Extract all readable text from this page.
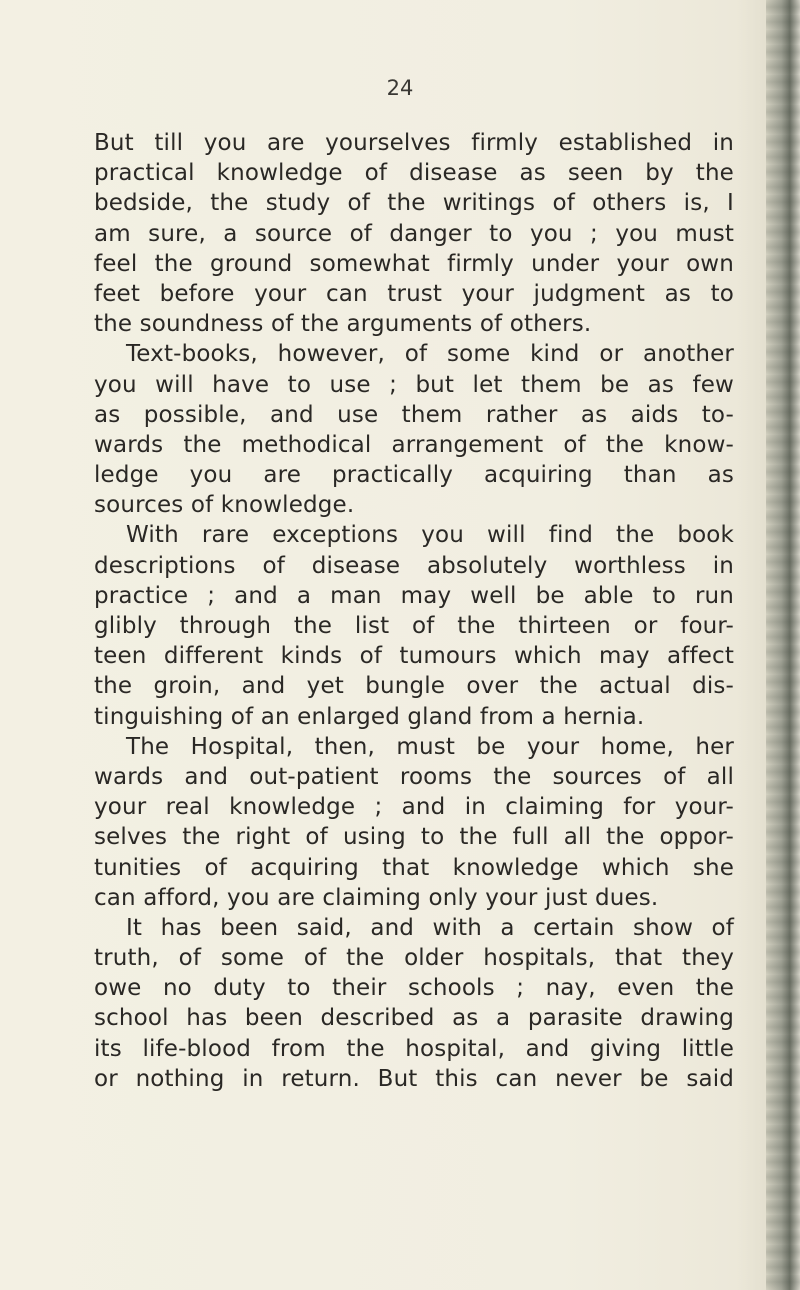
24
But till you are yourselves firmly established in
practical knowledge of disease as seen by the
bedside, the study of the writings of others is, I
am sure, a source of danger to you ; you must
feel the ground somewhat firmly under your own
feet before your can trust your judgment as to
the soundness of the arguments of others.
Text-books, however, of some kind or another
you will have to use ; but let them be as few
as possible, and use them rather as aids to-
wards the methodical arrangement of the know-
ledge you are practically acquiring than as
sources of knowledge.
With rare exceptions you will find the book
descriptions of disease absolutely worthless in
practice ; and a man may well be able to run
glibly through the list of the thirteen or four-
teen different kinds of tumours which may affect
the groin, and yet bungle over the actual dis-
tinguishing of an enlarged gland from a hernia.
The Hospital, then, must be your home, her
wards and out-patient rooms the sources of all
your real knowledge ; and in claiming for your-
selves the right of using to the full all the oppor-
tunities of acquiring that knowledge which she
can afford, you are claiming only your just dues.
It has been said, and with a certain show of
truth, of some of the older hospitals, that they
owe no duty to their schools ; nay, even the
school has been described as a parasite drawing
its life-blood from the hospital, and giving little
or nothing in return. But this can never be said
